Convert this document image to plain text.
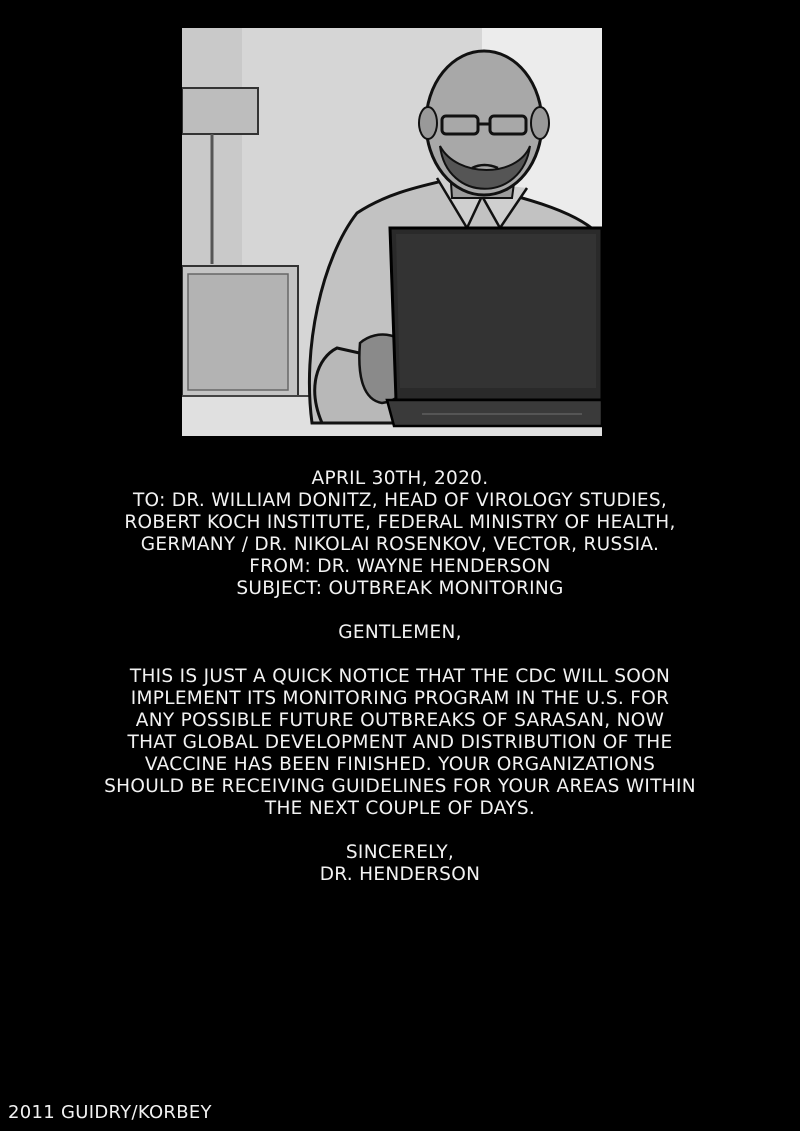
APRIL 30TH, 2020.
TO: DR. WILLIAM DONITZ, HEAD OF VIROLOGY STUDIES,
ROBERT KOCH INSTITUTE, FEDERAL MINISTRY OF HEALTH,
GERMANY / DR. NIKOLAI ROSENKOV, VECTOR, RUSSIA.
FROM: DR. WAYNE HENDERSON
SUBJECT: OUTBREAK MONITORING
GENTLEMEN,
THIS IS JUST A QUICK NOTICE THAT THE CDC WILL SOON
IMPLEMENT ITS MONITORING PROGRAM IN THE U.S. FOR
ANY POSSIBLE FUTURE OUTBREAKS OF SARASAN, NOW
THAT GLOBAL DEVELOPMENT AND DISTRIBUTION OF THE
VACCINE HAS BEEN FINISHED. YOUR ORGANIZATIONS
SHOULD BE RECEIVING GUIDELINES FOR YOUR AREAS WITHIN
THE NEXT COUPLE OF DAYS.
SINCERELY,
DR. HENDERSON
2011 GUIDRY/KORBEY
